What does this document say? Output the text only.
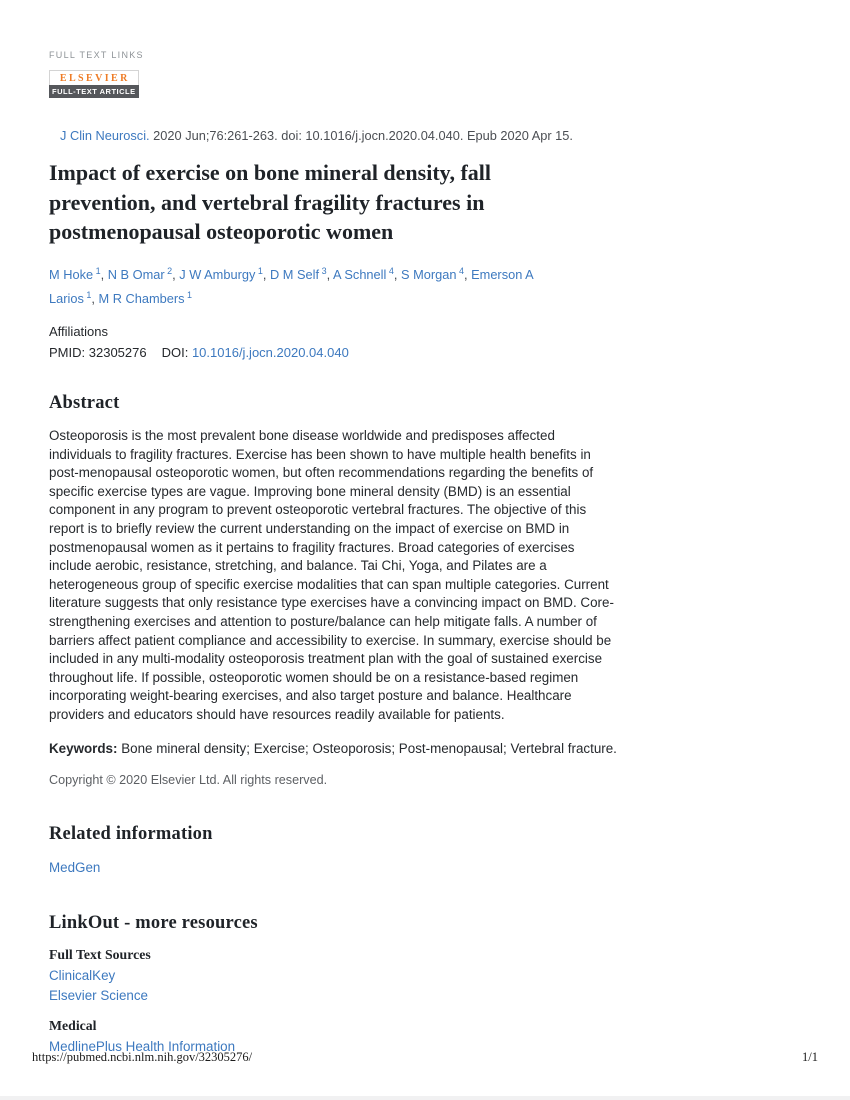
FULL TEXT LINKS
ELSEVIER
FULL-TEXT ARTICLE

J Clin Neurosci. 2020 Jun;76:261-263. doi: 10.1016/j.jocn.2020.04.040. Epub 2020 Apr 15.

Impact of exercise on bone mineral density, fall prevention, and vertebral fragility fractures in postmenopausal osteoporotic women

M Hoke $^1$, N B Omar $^2$, J W Amburgy $^1$, D M Self $^3$, A Schnell $^4$, S Morgan $^4$, Emerson A Larios $^1$, M R Chambers $^1$

Affiliations
PMID: 32305276 DOI: 10.1016/j.jocn.2020.04.040
Abstract

Osteoporosis is the most prevalent bone disease worldwide and predisposes affected individuals to fragility fractures. Exercise has been shown to have multiple health benefits in post-menopausal osteoporotic women, but often recommendations regarding the benefits of specific exercise types are vague. Improving bone mineral density (BMD) is an essential component in any program to prevent osteoporotic vertebral fractures. The objective of this report is to briefly review the current understanding on the impact of exercise on BMD in postmenopausal women as it pertains to fragility fractures. Broad categories of exercises include aerobic, resistance, stretching, and balance. Tai Chi, Yoga, and Pilates are a heterogeneous group of specific exercise modalities that can span multiple categories. Current literature suggests that only resistance type exercises have a convincing impact on BMD. Core-strengthening exercises and attention to posture/balance can help mitigate falls. A number of barriers affect patient compliance and accessibility to exercise. In summary, exercise should be included in any multi-modality osteoporosis treatment plan with the goal of sustained exercise throughout life. If possible, osteoporotic women should be on a resistance-based regimen incorporating weight-bearing exercises, and also target posture and balance. Healthcare providers and educators should have resources readily available for patients.

Keywords: Bone mineral density; Exercise; Osteoporosis; Post-menopausal; Vertebral fracture.

Copyright © 2020 Elsevier Ltd. All rights reserved.

Related information

MedGen

LinkOut - more resources
Full Text Sources

ClinicalKey

Elsevier Science

Medical

MedlinePlus Health Information

https://pubmed.ncbi.nlm.nih.gov/32305276/	1/1
